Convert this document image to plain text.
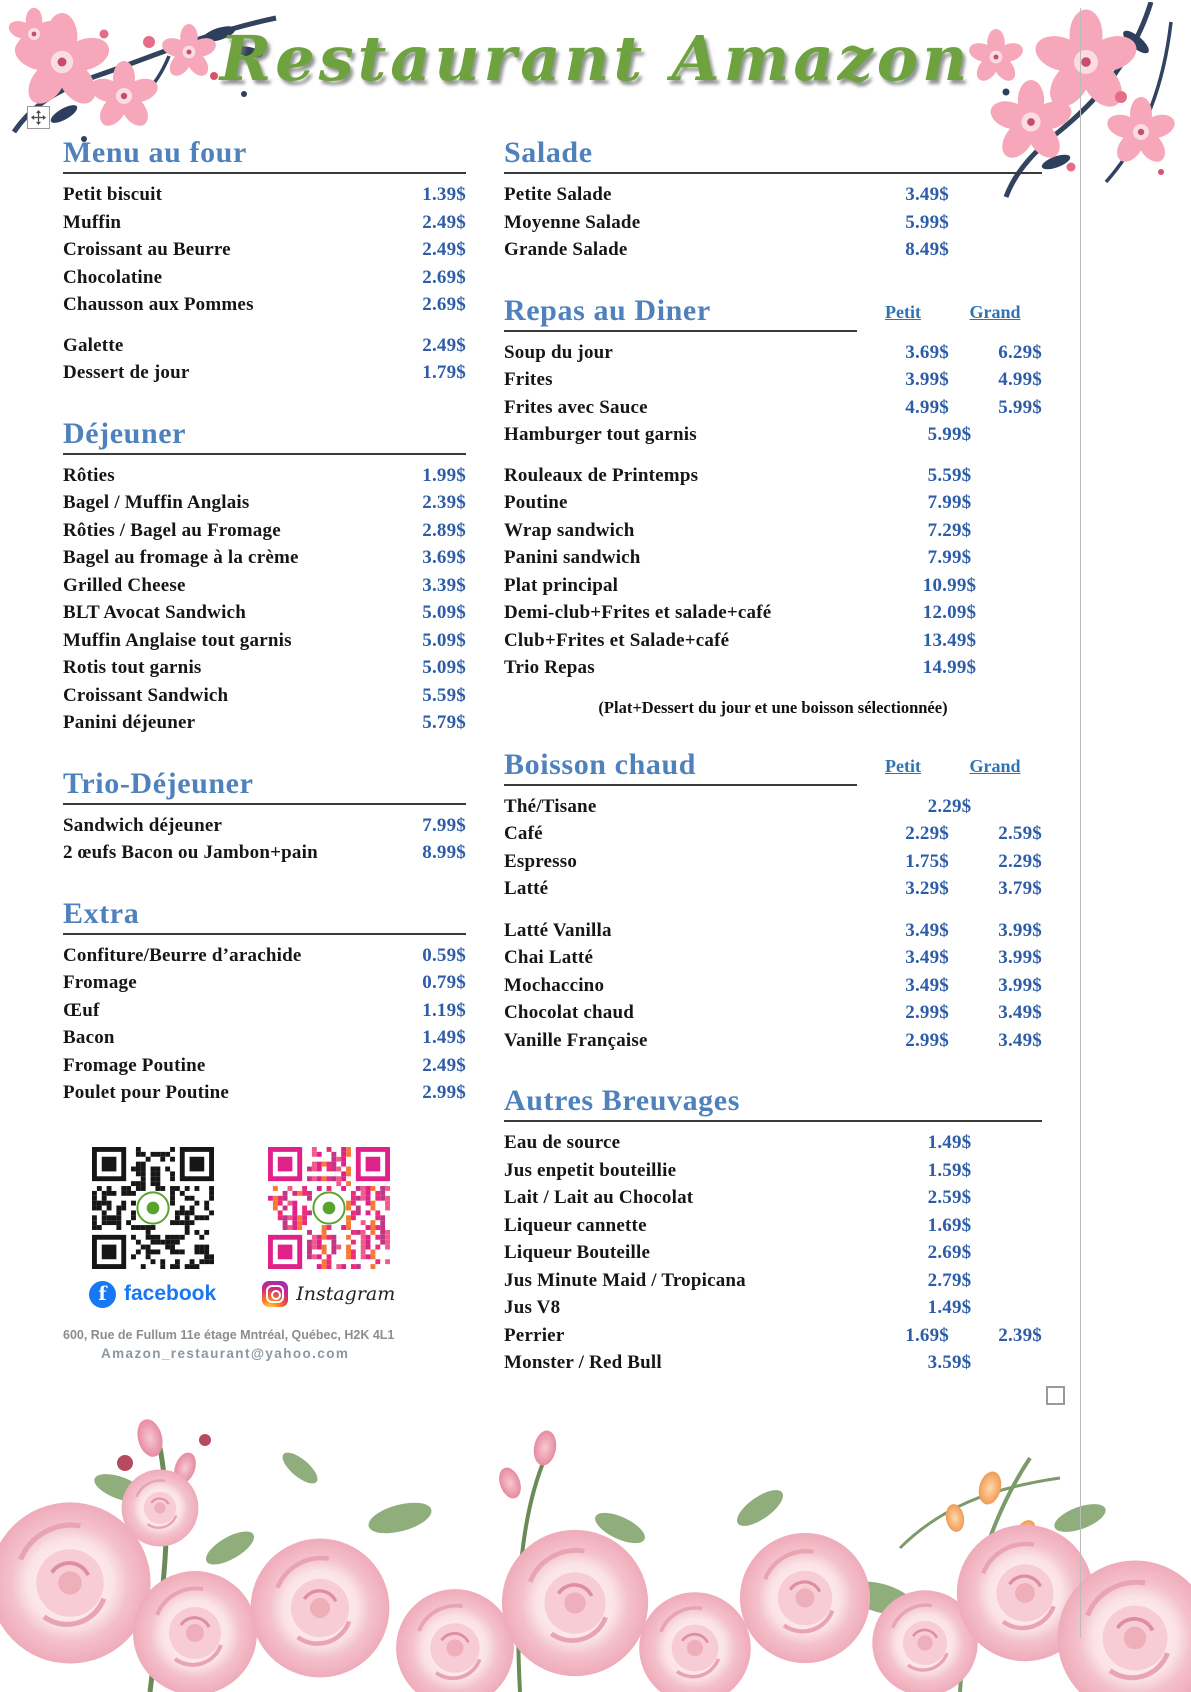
Restaurant Amazon
Menu au four
Petit biscuit	1.39$
Muffin	2.49$
Croissant au Beurre	2.49$
Chocolatine	2.69$
Chausson aux Pommes	2.69$
Galette	2.49$
Dessert de jour	1.79$
Déjeuner
Rôties	1.99$
Bagel / Muffin Anglais	2.39$
Rôties / Bagel au Fromage	2.89$
Bagel au fromage à la crème	3.69$
Grilled Cheese	3.39$
BLT Avocat Sandwich	5.09$
Muffin Anglaise tout garnis	5.09$
Rotis tout garnis	5.09$
Croissant Sandwich	5.59$
Panini déjeuner	5.79$
Trio-Déjeuner
Sandwich déjeuner	7.99$
2 œufs Bacon ou Jambon+pain	8.99$
Extra
Confiture/Beurre d’arachide	0.59$
Fromage	0.79$
Œuf	1.19$
Bacon	1.49$
Fromage Poutine	2.49$
Poulet pour Poutine	2.99$
f facebook	Instagram
600, Rue de Fullum 11e étage Mntréal, Québec, H2K 4L1
Amazon_restaurant@yahoo.com
Salade
Petite Salade	3.49$
Moyenne Salade	5.99$
Grande Salade	8.49$
Repas au Diner	Petit	Grand
Soup du jour	3.69$	6.29$
Frites	3.99$	4.99$
Frites avec Sauce	4.99$	5.99$
Hamburger tout garnis	5.99$
Rouleaux de Printemps	5.59$
Poutine	7.99$
Wrap sandwich	7.29$
Panini sandwich	7.99$
Plat principal	10.99$
Demi-club+Frites et salade+café	12.09$
Club+Frites et Salade+café	13.49$
Trio Repas	14.99$
(Plat+Dessert du jour et une boisson sélectionnée)
Boisson chaud	Petit	Grand
Thé/Tisane	2.29$
Café	2.29$	2.59$
Espresso	1.75$	2.29$
Latté	3.29$	3.79$
Latté Vanilla	3.49$	3.99$
Chai Latté	3.49$	3.99$
Mochaccino	3.49$	3.99$
Chocolat chaud	2.99$	3.49$
Vanille Française	2.99$	3.49$
Autres Breuvages
Eau de source	1.49$
Jus enpetit bouteillie	1.59$
Lait / Lait au Chocolat	2.59$
Liqueur cannette	1.69$
Liqueur Bouteille	2.69$
Jus Minute Maid / Tropicana	2.79$
Jus V8	1.49$
Perrier	1.69$	2.39$
Monster / Red Bull	3.59$
